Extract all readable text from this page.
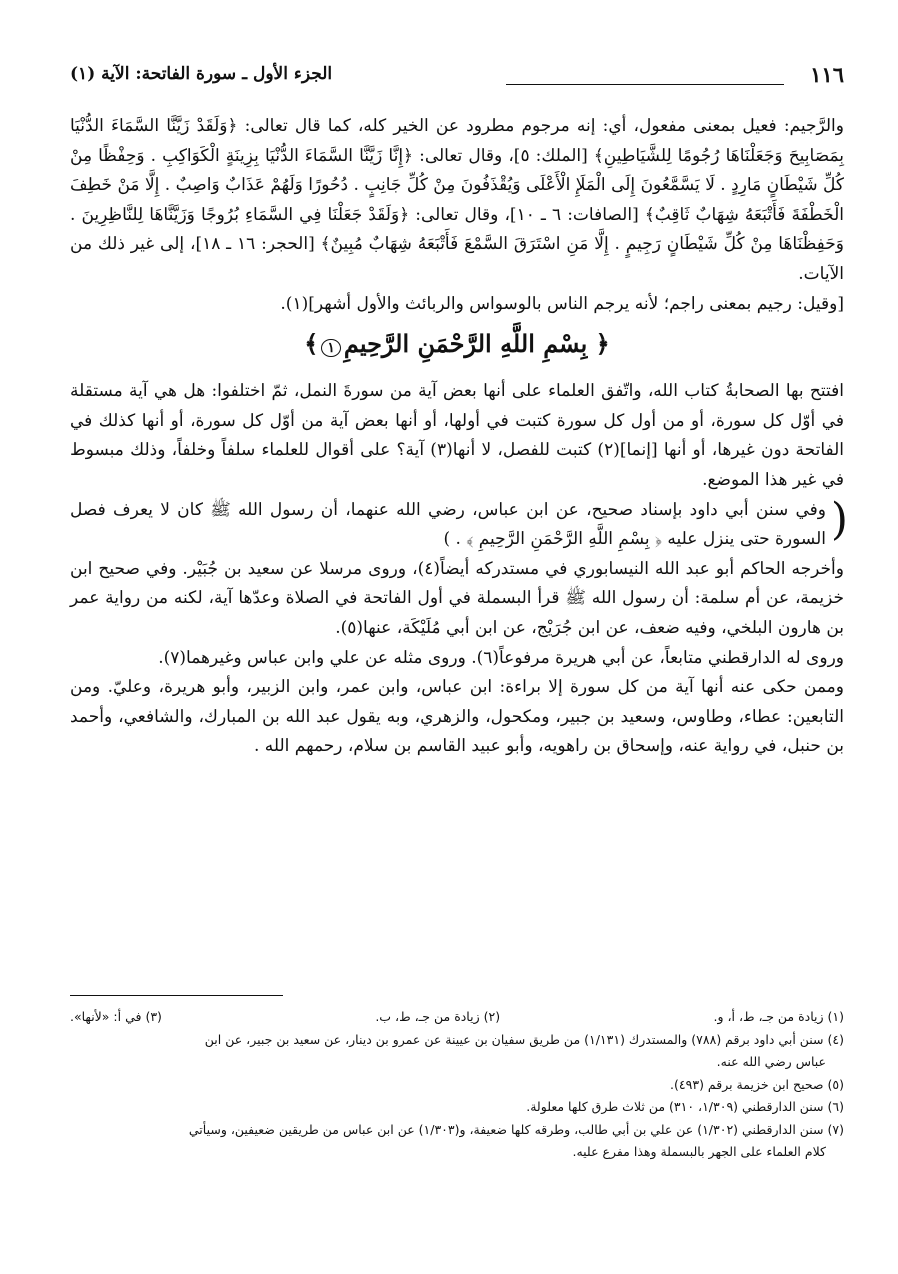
١١٦
الجزء الأول ـ سورة الفاتحة: الآية (١)

والرَّجيم: فعيل بمعنى مفعول، أي: إنه مرجوم مطرود عن الخير كله، كما قال تعالى: ﴿وَلَقَدْ زَيَّنَّا السَّمَاءَ الدُّنْيَا بِمَصَابِيحَ وَجَعَلْنَاهَا رُجُومًا لِلشَّيَاطِينِ﴾ [الملك: ٥]، وقال تعالى: ﴿إِنَّا زَيَّنَّا السَّمَاءَ الدُّنْيَا بِزِينَةٍ الْكَوَاكِبِ . وَحِفْظًا مِنْ كُلِّ شَيْطَانٍ مَارِدٍ . لَا يَسَّمَّعُونَ إِلَى الْمَلَإِ الْأَعْلَى وَيُقْذَفُونَ مِنْ كُلِّ جَانِبٍ . دُحُورًا وَلَهُمْ عَذَابٌ وَاصِبٌ . إِلَّا مَنْ خَطِفَ الْخَطْفَةَ فَأَتْبَعَهُ شِهَابٌ ثَاقِبٌ﴾ [الصافات: ٦ ـ ١٠]، وقال تعالى: ﴿وَلَقَدْ جَعَلْنَا فِي السَّمَاءِ بُرُوجًا وَزَيَّنَّاهَا لِلنَّاظِرِينَ . وَحَفِظْنَاهَا مِنْ كُلِّ شَيْطَانٍ رَجِيمٍ . إِلَّا مَنِ اسْتَرَقَ السَّمْعَ فَأَتْبَعَهُ شِهَابٌ مُبِينٌ﴾ [الحجر: ١٦ ـ ١٨]، إلى غير ذلك من الآيات.

[وقيل: رجيم بمعنى راجم؛ لأنه يرجم الناس بالوسواس والربائث والأول أشهر](١).

﴿ بِسْمِ اللَّهِ الرَّحْمَنِ الرَّحِيمِ١﴾

افتتح بها الصحابةُ كتاب الله، واتّفق العلماء على أنها بعض آية من سورةَ النمل، ثمّ اختلفوا: هل هي آية مستقلة في أوّل كل سورة، أو من أول كل سورة كتبت في أولها، أو أنها بعض آية من أوّل كل سورة، أو أنها كذلك في الفاتحة دون غيرها، أو أنها [إنما](٢) كتبت للفصل، لا أنها(٣) آية؟ على أقوال للعلماء سلفاً وخلفاً، وذلك مبسوط في غير هذا الموضع.

(
وفي سنن أبي داود بإسناد صحيح، عن ابن عباس، رضي الله عنهما، أن رسول الله ﷺ كان لا يعرف فصل السورة حتى ينزل عليه ﴿ بِسْمِ اللَّهِ الرَّحْمَنِ الرَّحِيمِ ﴾ . )

وأخرجه الحاكم أبو عبد الله النيسابوري في مستدركه أيضاً(٤)، وروى مرسلا عن سعيد بن جُبَيْر. وفي صحيح ابن خزيمة، عن أم سلمة: أن رسول الله ﷺ قرأ البسملة في أول الفاتحة في الصلاة وعدّها آية، لكنه من رواية عمر بن هارون البلخي، وفيه ضعف، عن ابن جُرَيْج، عن ابن أبي مُلَيْكَة، عنها(٥).

وروى له الدارقطني متابعاً، عن أبي هريرة مرفوعاً(٦). وروى مثله عن علي وابن عباس وغيرهما(٧).

وممن حكى عنه أنها آية من كل سورة إلا براءة: ابن عباس، وابن عمر، وابن الزبير، وأبو هريرة، وعليّ. ومن التابعين: عطاء، وطاوس، وسعيد بن جبير، ومكحول، والزهري، وبه يقول عبد الله بن المبارك، والشافعي، وأحمد بن حنبل، في رواية عنه، وإسحاق بن راهويه، وأبو عبيد القاسم بن سلام، رحمهم الله .

(١) زيادة من جـ، ط، أ، و.
(٢) زيادة من جـ، ط، ب.
(٣) في أ: «لأنها».

(٤) سنن أبي داود برقم (٧٨٨) والمستدرك (١/١٣١) من طريق سفيان بن عيينة عن عمرو بن دينار، عن سعيد بن جبير، عن ابن

عباس رضي الله عنه.

(٥) صحيح ابن خزيمة برقم (٤٩٣).

(٦) سنن الدارقطني (١/٣٠٩، ٣١٠) من ثلاث طرق كلها معلولة.

(٧) سنن الدارقطني (١/٣٠٢) عن علي بن أبي طالب، وطرقه كلها ضعيفة، و(١/٣٠٣) عن ابن عباس من طريقين ضعيفين، وسيأتي

كلام العلماء على الجهر بالبسملة وهذا مفرع عليه.
